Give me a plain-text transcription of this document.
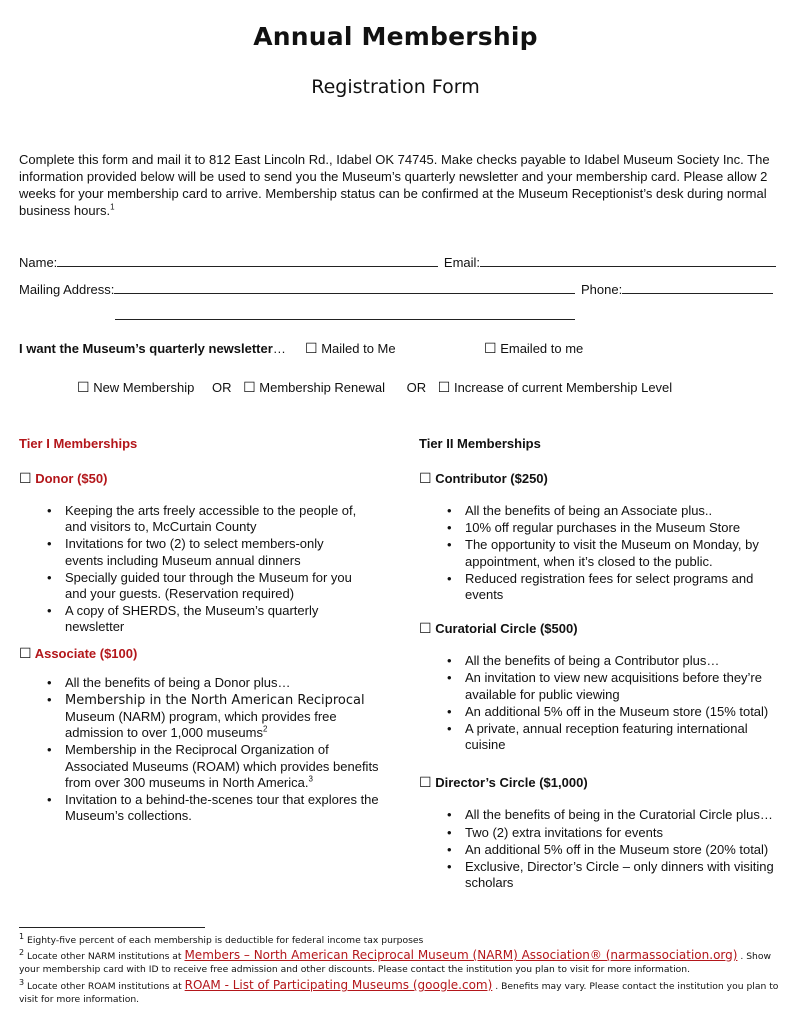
Annual Membership
Registration Form
Complete this form and mail it to 812 East Lincoln Rd., Idabel OK 74745. Make checks payable to Idabel Museum Society Inc. The information provided below will be used to send you the Museum’s quarterly newsletter and your membership card. Please allow 2 weeks for your membership card to arrive. Membership status can be confirmed at the Museum Receptionist’s desk during normal business hours.$^1$
Name:	Email:
Mailing Address:	Phone:
I want the Museum’s quarterly newsletter… ☐ Mailed to Me	☐ Emailed to me
☐ New Membership OR ☐ Membership Renewal OR ☐ Increase of current Membership Level
Tier I Memberships
☐ Donor ($50)
• Keeping the arts freely accessible to the people of, and visitors to, McCurtain County
• Invitations for two (2) to select members-only events including Museum annual dinners
• Specially guided tour through the Museum for you and your guests. (Reservation required)
• A copy of SHERDS, the Museum’s quarterly newsletter
☐ Associate ($100)
• All the benefits of being a Donor plus…
• Membership in the North American Reciprocal Museum (NARM) program, which provides free admission to over 1,000 museums$^2$
• Membership in the Reciprocal Organization of Associated Museums (ROAM) which provides benefits from over 300 museums in North America.$^3$
• Invitation to a behind-the-scenes tour that explores the Museum’s collections.
Tier II Memberships
☐ Contributor ($250)
• All the benefits of being an Associate plus..
• 10% off regular purchases in the Museum Store
• The opportunity to visit the Museum on Monday, by appointment, when it’s closed to the public.
• Reduced registration fees for select programs and events
☐ Curatorial Circle ($500)
• All the benefits of being a Contributor plus…
• An invitation to view new acquisitions before they’re available for public viewing
• An additional 5% off in the Museum store (15% total)
• A private, annual reception featuring international cuisine
☐ Director’s Circle ($1,000)
• All the benefits of being in the Curatorial Circle plus…
• Two (2) extra invitations for events
• An additional 5% off in the Museum store (20% total)
• Exclusive, Director’s Circle – only dinners with visiting scholars
$^1$ Eighty-five percent of each membership is deductible for federal income tax purposes
$^2$ Locate other NARM institutions at Members – North American Reciprocal Museum (NARM) Association® (narmassociation.org) . Show your membership card with ID to receive free admission and other discounts. Please contact the institution you plan to visit for more information.
$^3$ Locate other ROAM institutions at ROAM - List of Participating Museums (google.com) . Benefits may vary. Please contact the institution you plan to visit for more information.
